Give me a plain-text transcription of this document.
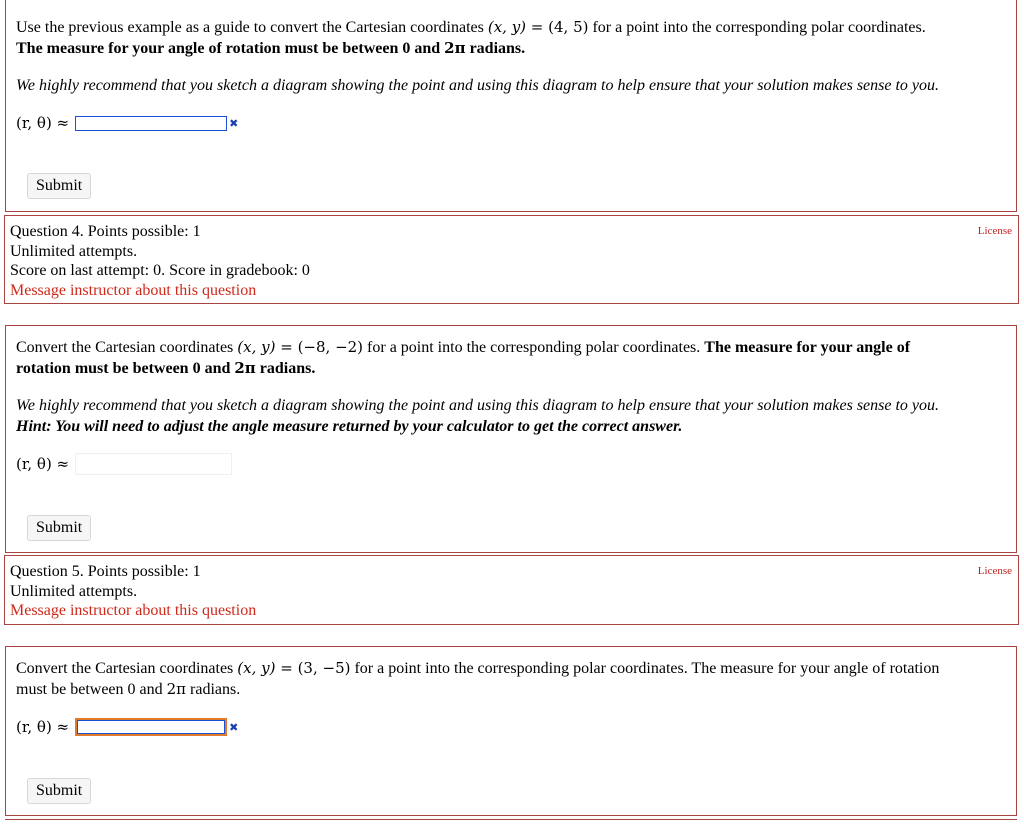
Use the previous example as a guide to convert the Cartesian coordinates (x, y) = (4, 5) for a point into the corresponding polar coordinates.
The measure for your angle of rotation must be between 0 and 2π radians.
We highly recommend that you sketch a diagram showing the point and using this diagram to help ensure that your solution makes sense to you.
(r, θ) ≈	✖
Submit
Question 4. Points possible: 1
Unlimited attempts.
Score on last attempt: 0. Score in gradebook: 0
Message instructor about this question
License
Convert the Cartesian coordinates (x, y) = (−8, −2) for a point into the corresponding polar coordinates. The measure for your angle of
rotation must be between 0 and 2π radians.
We highly recommend that you sketch a diagram showing the point and using this diagram to help ensure that your solution makes sense to you.
Hint: You will need to adjust the angle measure returned by your calculator to get the correct answer.
(r, θ) ≈
Submit
Question 5. Points possible: 1
Unlimited attempts.
Message instructor about this question
License
Convert the Cartesian coordinates (x, y) = (3, −5) for a point into the corresponding polar coordinates. The measure for your angle of rotation
must be between 0 and 2π radians.
(r, θ) ≈	✖
Submit
